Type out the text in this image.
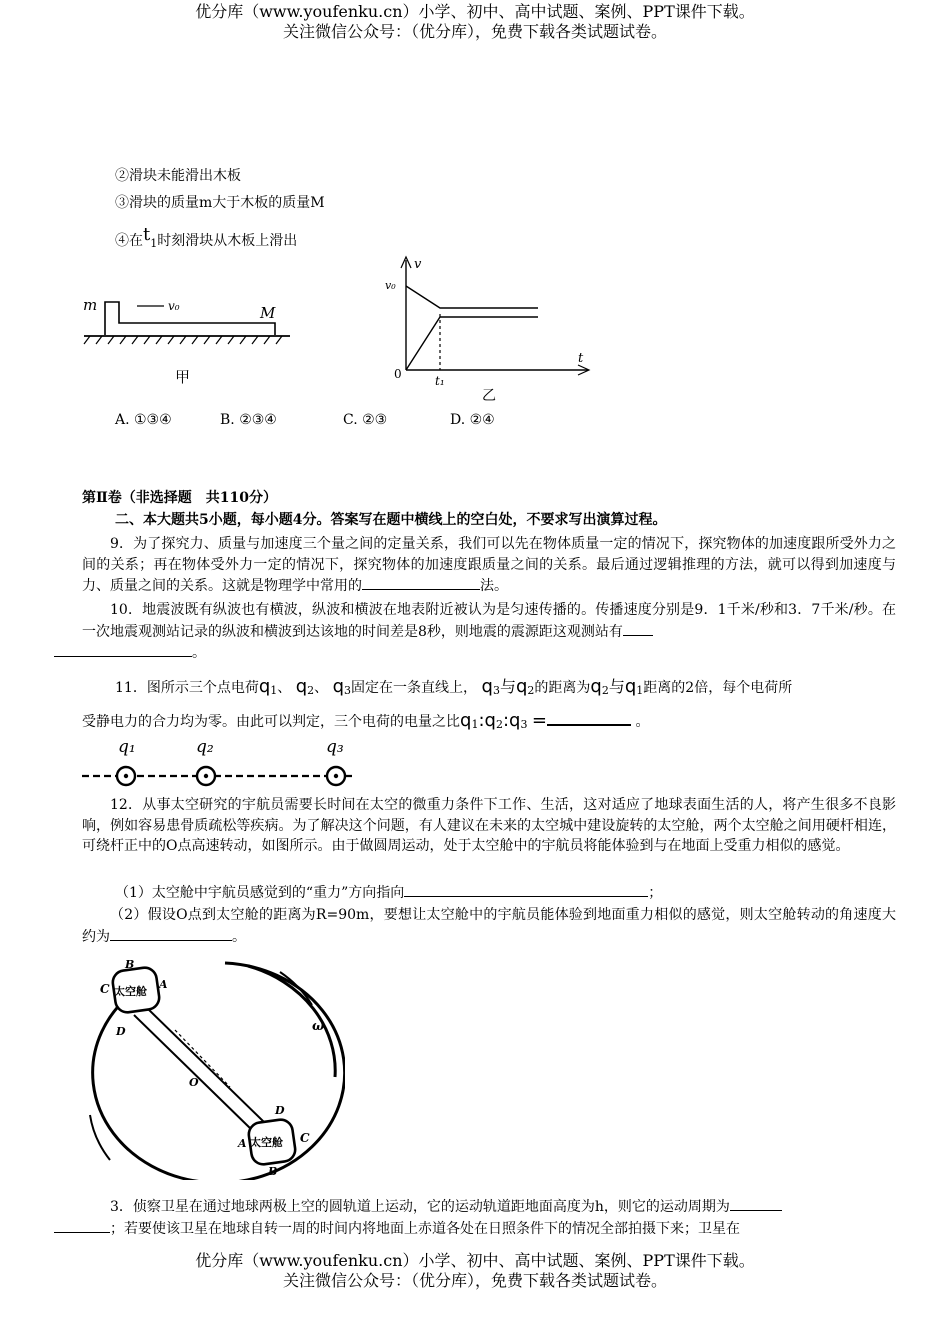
优分库（www.youfenku.cn）小学、初中、高中试题、案例、PPT课件下载。
关注微信公众号：（优分库），免费下载各类试题试卷。
②滑块未能滑出木板
③滑块的质量m大于木板的质量M
④在t1时刻滑块从木板上滑出
m	v₀	M
甲
v
t
v₀
0	t₁
乙
A. ①③④	B. ②③④	C. ②③	D. ②④
第Ⅱ卷（非选择题　共110分）
二、本大题共5小题，每小题4分。答案写在题中横线上的空白处，不要求写出演算过程。
9．为了探究力、质量与加速度三个量之间的定量关系，我们可以先在物体质量一定的情况下，探究物体的加速度跟所受外力之间的关系；再在物体受外力一定的情况下，探究物体的加速度跟质量之间的关系。最后通过逻辑推理的方法，就可以得到加速度与力、质量之间的关系。这就是物理学中常用的	法。
10．地震波既有纵波也有横波，纵波和横波在地表附近被认为是匀速传播的。传播速度分别是9．1千米/秒和3．7千米/秒。在一次地震观测站记录的纵波和横波到达该地的时间差是8秒，则地震的震源距这观测站有
。
11．图所示三个点电荷q1、 q2、 q3固定在一条直线上， q3与q2的距离为q2与q1距离的2倍，每个电荷所
受静电力的合力均为零。由此可以判定，三个电荷的电量之比q1:q2:q3 =	。
q₁	q₂	q₃
12．从事太空研究的宇航员需要长时间在太空的微重力条件下工作、生活，这对适应了地球表面生活的人，将产生很多不良影响，例如容易患骨质疏松等疾病。为了解决这个问题，有人建议在未来的太空城中建设旋转的太空舱，两个太空舱之间用硬杆相连，可绕杆正中的O点高速转动，如图所示。由于做圆周运动，处于太空舱中的宇航员将能体验到与在地面上受重力相似的感觉。
（1）太空舱中宇航员感觉到的“重力”方向指向	；
（2）假设O点到太空舱的距离为R=90m，要想让太空舱中的宇航员能体验到地面重力相似的感觉，则太空舱转动的角速度大约为	。
ω
太空舱
太空舱
B
C	A
D
O
D
A	C
B
3．侦察卫星在通过地球两极上空的圆轨道上运动，它的运动轨道距地面高度为h，则它的运动周期为
；若要使该卫星在地球自转一周的时间内将地面上赤道各处在日照条件下的情况全部拍摄下来；卫星在
优分库（www.youfenku.cn）小学、初中、高中试题、案例、PPT课件下载。
关注微信公众号：（优分库），免费下载各类试题试卷。
